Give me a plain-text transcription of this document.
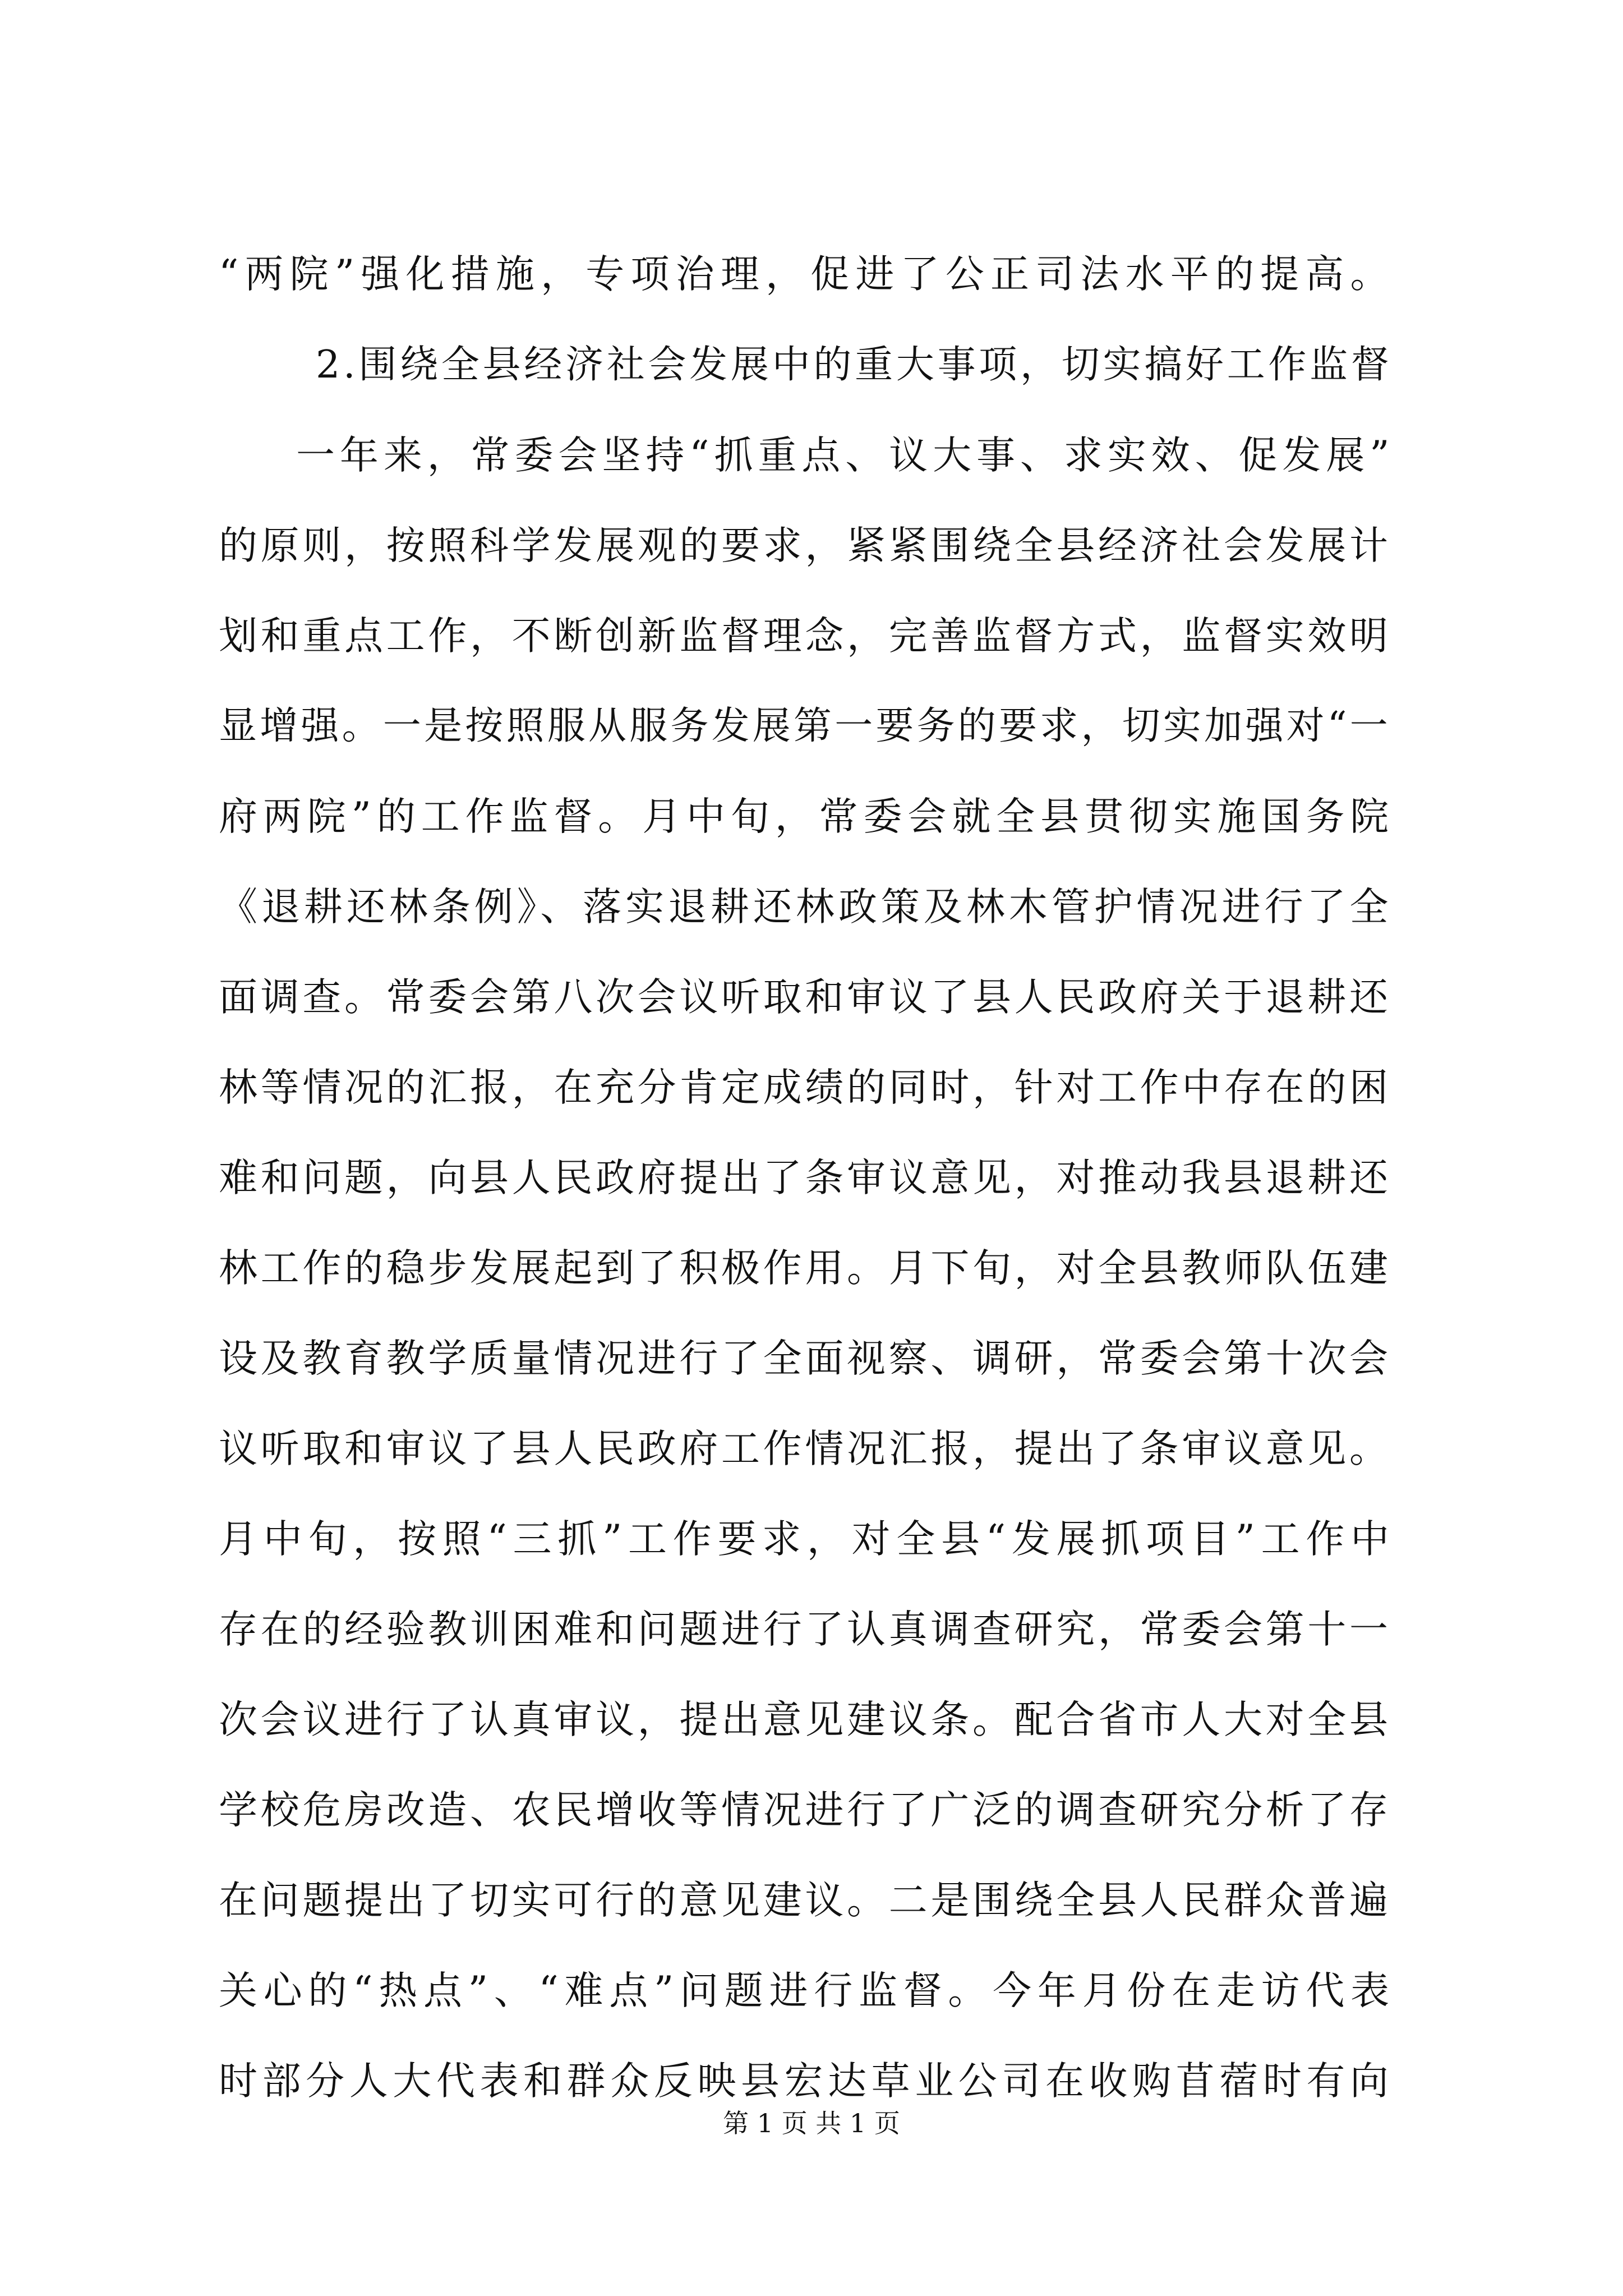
“两院”强化措施，专项治理，促进了公正司法水平的提高。
2.围绕全县经济社会发展中的重大事项，切实搞好工作监督
一年来，常委会坚持“抓重点、议大事、求实效、促发展”
的原则，按照科学发展观的要求，紧紧围绕全县经济社会发展计
划和重点工作，不断创新监督理念，完善监督方式，监督实效明
显增强。一是按照服从服务发展第一要务的要求，切实加强对“一
府两院”的工作监督。月中旬，常委会就全县贯彻实施国务院
《退耕还林条例》、落实退耕还林政策及林木管护情况进行了全
面调查。常委会第八次会议听取和审议了县人民政府关于退耕还
林等情况的汇报，在充分肯定成绩的同时，针对工作中存在的困
难和问题，向县人民政府提出了条审议意见，对推动我县退耕还
林工作的稳步发展起到了积极作用。月下旬，对全县教师队伍建
设及教育教学质量情况进行了全面视察、调研，常委会第十次会
议听取和审议了县人民政府工作情况汇报，提出了条审议意见。
月中旬，按照“三抓”工作要求，对全县“发展抓项目”工作中
存在的经验教训困难和问题进行了认真调查研究，常委会第十一
次会议进行了认真审议，提出意见建议条。配合省市人大对全县
学校危房改造、农民增收等情况进行了广泛的调查研究分析了存
在问题提出了切实可行的意见建议。二是围绕全县人民群众普遍
关心的“热点”、“难点”问题进行监督。今年月份在走访代表
时部分人大代表和群众反映县宏达草业公司在收购苜蓿时有向
第 1 页 共 1 页
